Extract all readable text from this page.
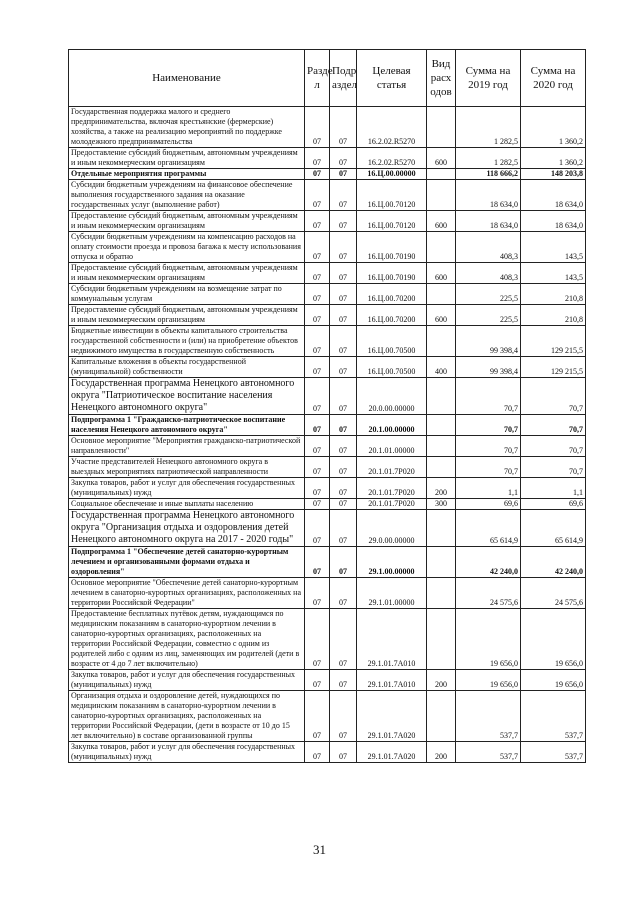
Наименование	Разде л	Подр аздел	Целевая статья	Вид расх одов	Сумма на 2019 год	Сумма на 2020 год
Государственная поддержка малого и среднего предпринимательства, включая крестьянские (фермерские) хозяйства, а также на реализацию мероприятий по поддержке молодежного предпринимательства	07	07	16.2.02.R5270		1 282,5	1 360,2
Предоставление субсидий бюджетным, автономным учреждениям и иным некоммерческим организациям	07	07	16.2.02.R5270	600	1 282,5	1 360,2
Отдельные мероприятия программы	07	07	16.Ц.00.00000		118 666,2	148 203,8
Субсидии бюджетным учреждениям на финансовое обеспечение выполнения государственного задания на оказание государственных услуг (выполнение работ)	07	07	16.Ц.00.70120		18 634,0	18 634,0
Предоставление субсидий бюджетным, автономным учреждениям и иным некоммерческим организациям	07	07	16.Ц.00.70120	600	18 634,0	18 634,0
Субсидии бюджетным учреждениям на компенсацию расходов на оплату стоимости проезда и провоза багажа к месту использования отпуска и обратно	07	07	16.Ц.00.70190		408,3	143,5
Предоставление субсидий бюджетным, автономным учреждениям и иным некоммерческим организациям	07	07	16.Ц.00.70190	600	408,3	143,5
Субсидии бюджетным учреждениям на возмещение затрат по коммунальным услугам	07	07	16.Ц.00.70200		225,5	210,8
Предоставление субсидий бюджетным, автономным учреждениям и иным некоммерческим организациям	07	07	16.Ц.00.70200	600	225,5	210,8
Бюджетные инвестиции в объекты капитального строительства государственной собственности и (или) на приобретение объектов недвижимого имущества в государственную собственность	07	07	16.Ц.00.70500		99 398,4	129 215,5
Капитальные вложения в объекты государственной (муниципальной) собственности	07	07	16.Ц.00.70500	400	99 398,4	129 215,5
Государственная программа Ненецкого автономного округа "Патриотическое воспитание населения Ненецкого автономного округа"	07	07	20.0.00.00000		70,7	70,7
Подпрограмма 1 "Гражданско-патриотическое воспитание населения Ненецкого автономного округа"	07	07	20.1.00.00000		70,7	70,7
Основное мероприятие "Мероприятия гражданско-патриотической направленности"	07	07	20.1.01.00000		70,7	70,7
Участие представителей Ненецкого автономного округа в выездных мероприятиях патриотической направленности	07	07	20.1.01.7P020		70,7	70,7
Закупка товаров, работ и услуг для обеспечения государственных (муниципальных) нужд	07	07	20.1.01.7P020	200	1,1	1,1
Социальное обеспечение и иные выплаты населению	07	07	20.1.01.7P020	300	69,6	69,6
Государственная программа Ненецкого автономного округа "Организация отдыха и оздоровления детей Ненецкого автономного округа на 2017 - 2020 годы"	07	07	29.0.00.00000		65 614,9	65 614,9
Подпрограмма 1 "Обеспечение детей санаторно-курортным лечением и организованными формами отдыха и оздоровления"	07	07	29.1.00.00000		42 240,0	42 240,0
Основное мероприятие "Обеспечение детей санаторно-курортным лечением в санаторно-курортных организациях, расположенных на территории Российской Федерации"	07	07	29.1.01.00000		24 575,6	24 575,6
Предоставление бесплатных путёвок детям, нуждающимся по медицинским показаниям в санаторно-курортном лечении в санаторно-курортных организациях, расположенных на территории Российской Федерации, совместно с одним из родителей либо с одним из лиц, заменяющих им родителей (дети в возрасте от 4 до 7 лет включительно)	07	07	29.1.01.7А010		19 656,0	19 656,0
Закупка товаров, работ и услуг для обеспечения государственных (муниципальных) нужд	07	07	29.1.01.7А010	200	19 656,0	19 656,0
Организация отдыха и оздоровление детей, нуждающихся по медицинским показаниям в санаторно-курортном лечении в санаторно-курортных организациях, расположенных на территории Российской Федерации, (дети в возрасте от 10 до 15 лет включительно) в составе организованной группы	07	07	29.1.01.7А020		537,7	537,7
Закупка товаров, работ и услуг для обеспечения государственных (муниципальных) нужд	07	07	29.1.01.7А020	200	537,7	537,7
31
